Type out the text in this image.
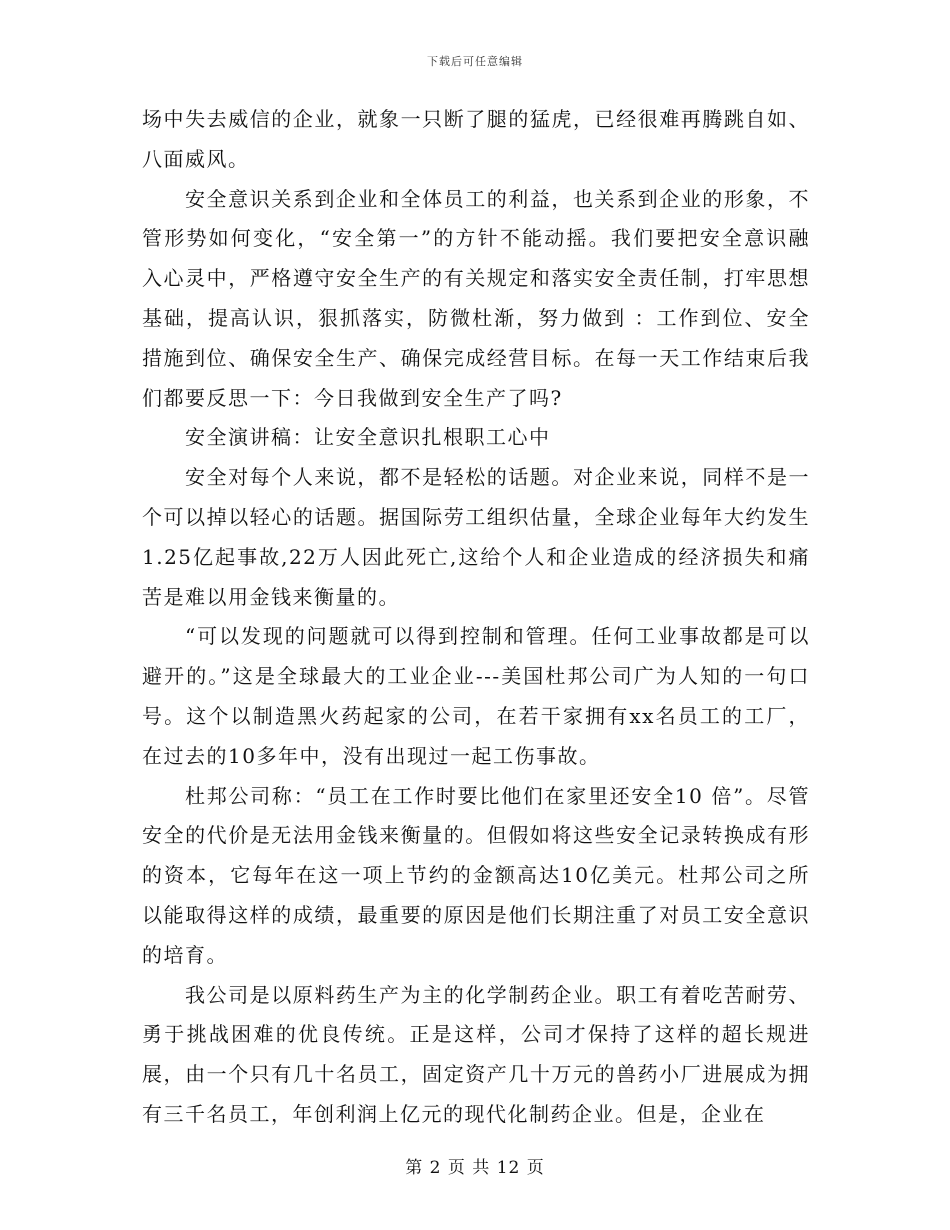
下载后可任意编辑

场中失去威信的企业，就象一只断了腿的猛虎，已经很难再腾跳自如、八面威风。

安全意识关系到企业和全体员工的利益，也关系到企业的形象，不管形势如何变化，“安全第一”的方针不能动摇。我们要把安全意识融入心灵中，严格遵守安全生产的有关规定和落实安全责任制，打牢思想基础，提高认识，狠抓落实，防微杜渐，努力做到 ：工作到位、安全措施到位、确保安全生产、确保完成经营目标。在每一天工作结束后我们都要反思一下：今日我做到安全生产了吗?

安全演讲稿：让安全意识扎根职工心中

安全对每个人来说，都不是轻松的话题。对企业来说，同样不是一个可以掉以轻心的话题。据国际劳工组织估量，全球企业每年大约发生1.25亿起事故,22万人因此死亡,这给个人和企业造成的经济损失和痛苦是难以用金钱来衡量的。

“可以发现的问题就可以得到控制和管理。任何工业事故都是可以避开的。”这是全球最大的工业企业---美国杜邦公司广为人知的一句口号。这个以制造黑火药起家的公司，在若干家拥有xx名员工的工厂，在过去的10多年中，没有出现过一起工伤事故。

杜邦公司称：“员工在工作时要比他们在家里还安全10 倍”。尽管安全的代价是无法用金钱来衡量的。但假如将这些安全记录转换成有形的资本，它每年在这一项上节约的金额高达10亿美元。杜邦公司之所以能取得这样的成绩，最重要的原因是他们长期注重了对员工安全意识的培育。

我公司是以原料药生产为主的化学制药企业。职工有着吃苦耐劳、勇于挑战困难的优良传统。正是这样，公司才保持了这样的超长规进展，由一个只有几十名员工，固定资产几十万元的兽药小厂进展成为拥有三千名员工，年创利润上亿元的现代化制药企业。但是，企业在

第 2 页 共 12 页
